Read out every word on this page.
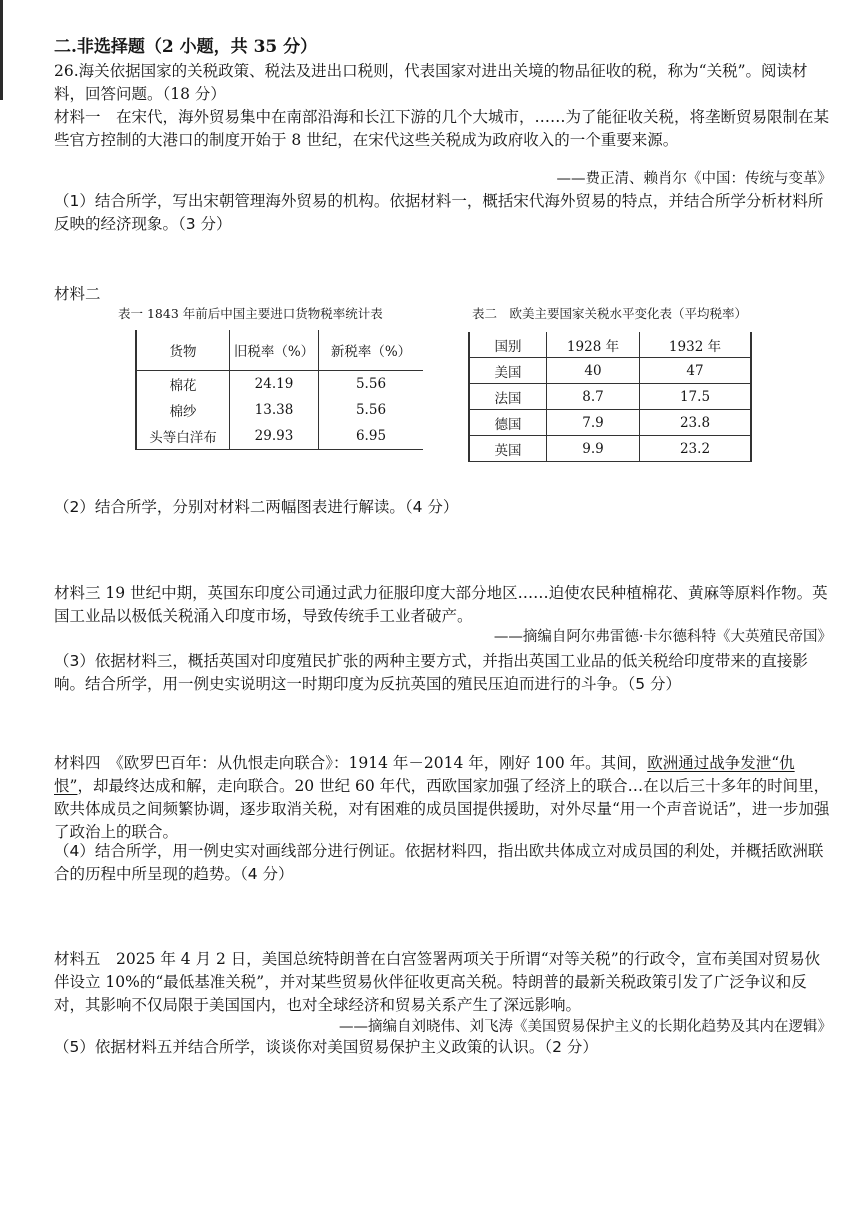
二.非选择题（2 小题，共 35 分）
26.海关依据国家的关税政策、税法及进出口税则，代表国家对进出关境的物品征收的税，称为“关税”。阅读材料，回答问题。（18 分）
材料一　在宋代，海外贸易集中在南部沿海和长江下游的几个大城市，……为了能征收关税，将垄断贸易限制在某些官方控制的大港口的制度开始于 8 世纪，在宋代这些关税成为政府收入的一个重要来源。
——费正清、赖肖尔《中国：传统与变革》
（1）结合所学，写出宋朝管理海外贸易的机构。依据材料一，概括宋代海外贸易的特点，并结合所学分析材料所反映的经济现象。（3 分）
材料二
表一 1843 年前后中国主要进口货物税率统计表
货物	旧税率（%）	新税率（%）
棉花	24.19	5.56
棉纱	13.38	5.56
头等白洋布	29.93	6.95
表二　欧美主要国家关税水平变化表（平均税率）
国别	1928 年	1932 年
美国	40	47
法国	8.7	17.5
德国	7.9	23.8
英国	9.9	23.2
（2）结合所学，分别对材料二两幅图表进行解读。（4 分）
材料三 19 世纪中期，英国东印度公司通过武力征服印度大部分地区……迫使农民种植棉花、黄麻等原料作物。英国工业品以极低关税涌入印度市场，导致传统手工业者破产。
——摘编自阿尔弗雷德·卡尔德科特《大英殖民帝国》
（3）依据材料三，概括英国对印度殖民扩张的两种主要方式，并指出英国工业品的低关税给印度带来的直接影响。结合所学，用一例史实说明这一时期印度为反抗英国的殖民压迫而进行的斗争。（5 分）
材料四　《欧罗巴百年：从仇恨走向联合》：1914 年－2014 年，刚好 100 年。其间，欧洲通过战争发泄“仇恨”，却最终达成和解，走向联合。20 世纪 60 年代，西欧国家加强了经济上的联合…在以后三十多年的时间里，欧共体成员之间频繁协调，逐步取消关税，对有困难的成员国提供援助，对外尽量“用一个声音说话”，进一步加强了政治上的联合。
（4）结合所学，用一例史实对画线部分进行例证。依据材料四，指出欧共体成立对成员国的利处，并概括欧洲联合的历程中所呈现的趋势。（4 分）
材料五　2025 年 4 月 2 日，美国总统特朗普在白宫签署两项关于所谓“对等关税”的行政令，宣布美国对贸易伙伴设立 10%的“最低基准关税”，并对某些贸易伙伴征收更高关税。特朗普的最新关税政策引发了广泛争议和反对，其影响不仅局限于美国国内，也对全球经济和贸易关系产生了深远影响。
——摘编自刘晓伟、刘飞涛《美国贸易保护主义的长期化趋势及其内在逻辑》
（5）依据材料五并结合所学，谈谈你对美国贸易保护主义政策的认识。（2 分）
